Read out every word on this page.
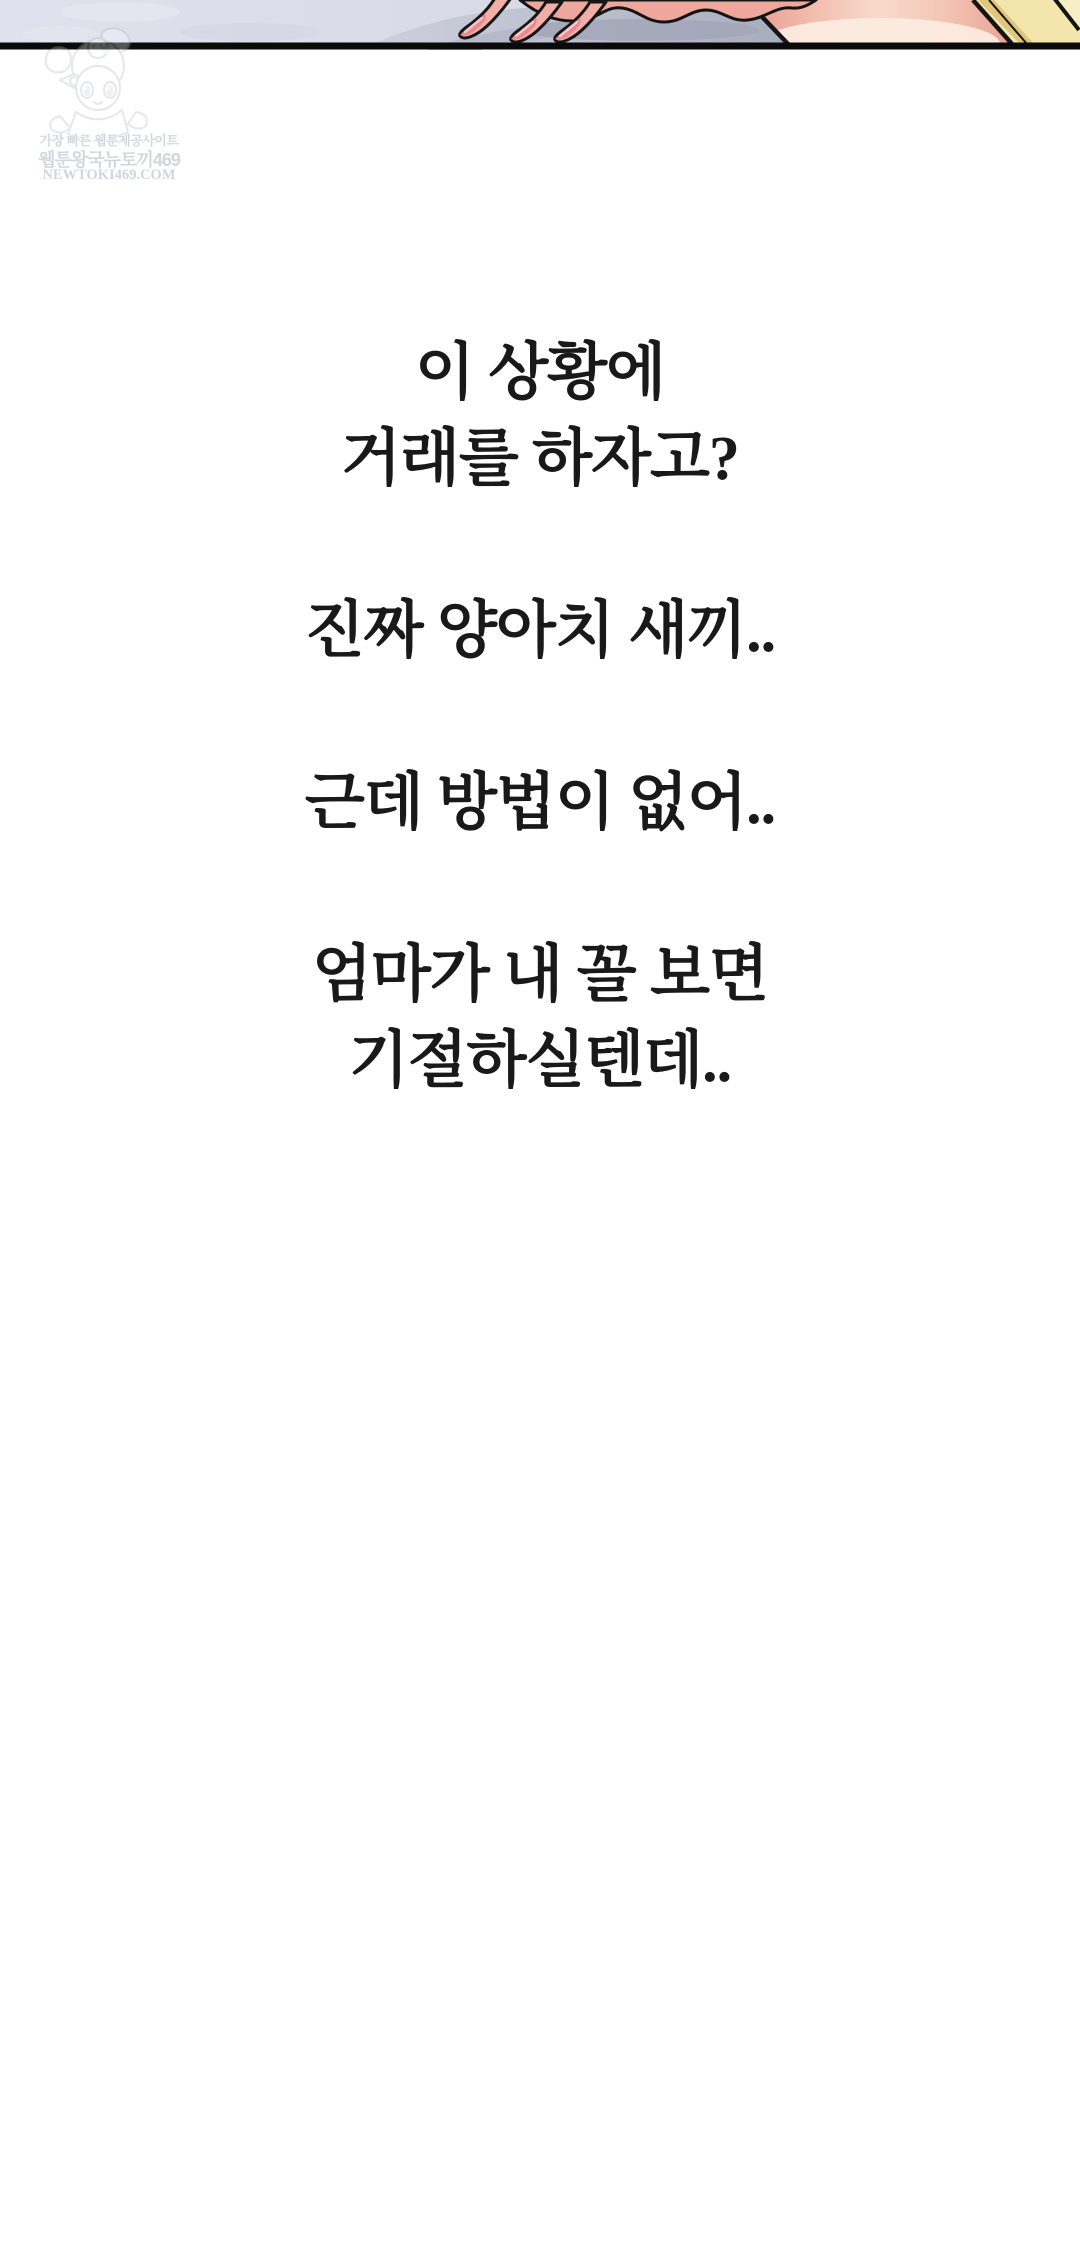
가장 빠른 웹툰제공사이트
웹툰왕국뉴토끼469
NEWTOKI469.COM
이 상황에
거래를 하자고?
진짜 양아치 새끼..
근데 방법이 없어..
엄마가 내 꼴 보면
기절하실텐데..
